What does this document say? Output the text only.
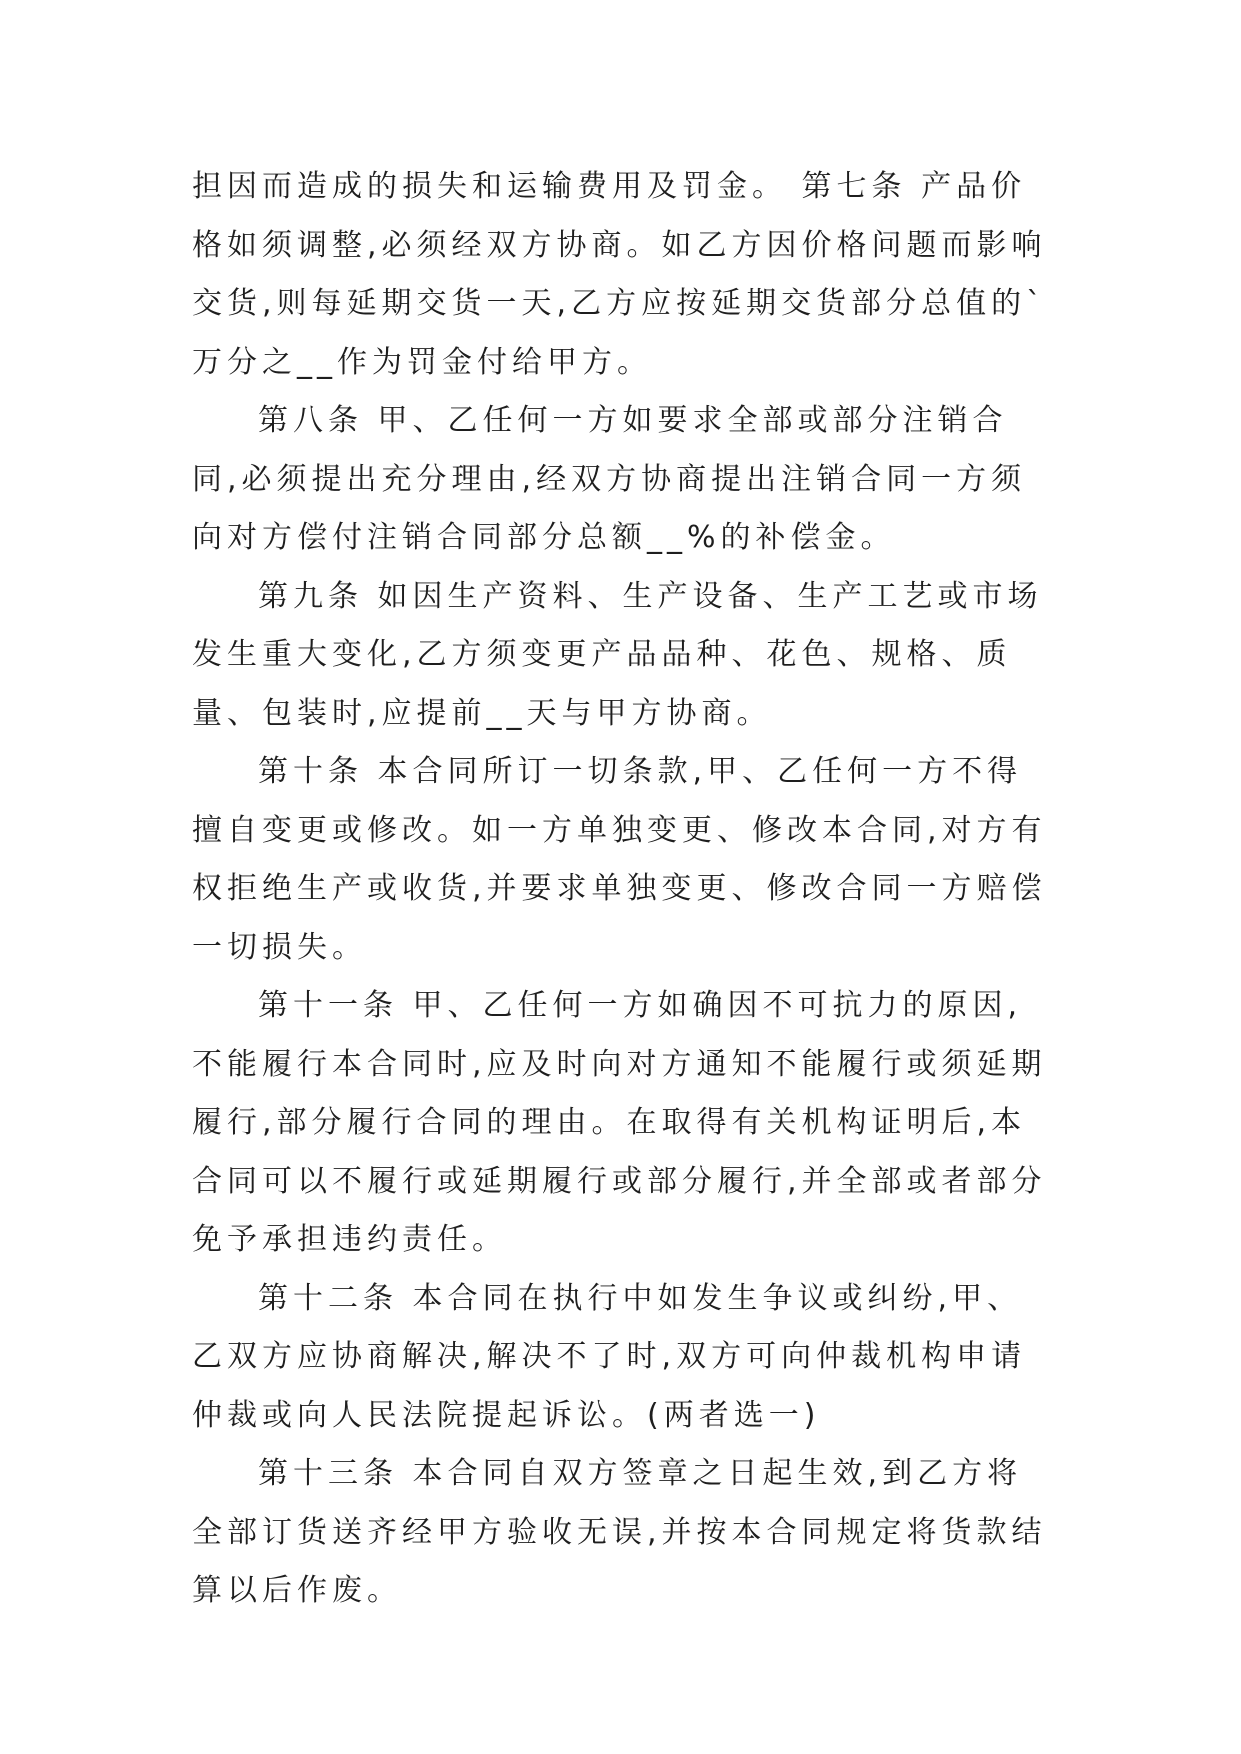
担因而造成的损失和运输费用及罚金。 第七条 产品价格如须调整,必须经双方协商。如乙方因价格问题而影响交货,则每延期交货一天,乙方应按延期交货部分总值的`万分之__作为罚金付给甲方。

第八条 甲、乙任何一方如要求全部或部分注销合同,必须提出充分理由,经双方协商提出注销合同一方须向对方偿付注销合同部分总额__%的补偿金。

第九条 如因生产资料、生产设备、生产工艺或市场发生重大变化,乙方须变更产品品种、花色、规格、质量、包装时,应提前__天与甲方协商。

第十条 本合同所订一切条款,甲、乙任何一方不得擅自变更或修改。如一方单独变更、修改本合同,对方有权拒绝生产或收货,并要求单独变更、修改合同一方赔偿一切损失。

第十一条 甲、乙任何一方如确因不可抗力的原因,不能履行本合同时,应及时向对方通知不能履行或须延期履行,部分履行合同的理由。在取得有关机构证明后,本合同可以不履行或延期履行或部分履行,并全部或者部分免予承担违约责任。

第十二条 本合同在执行中如发生争议或纠纷,甲、乙双方应协商解决,解决不了时,双方可向仲裁机构申请仲裁或向人民法院提起诉讼。(两者选一)

第十三条 本合同自双方签章之日起生效,到乙方将全部订货送齐经甲方验收无误,并按本合同规定将货款结算以后作废。
